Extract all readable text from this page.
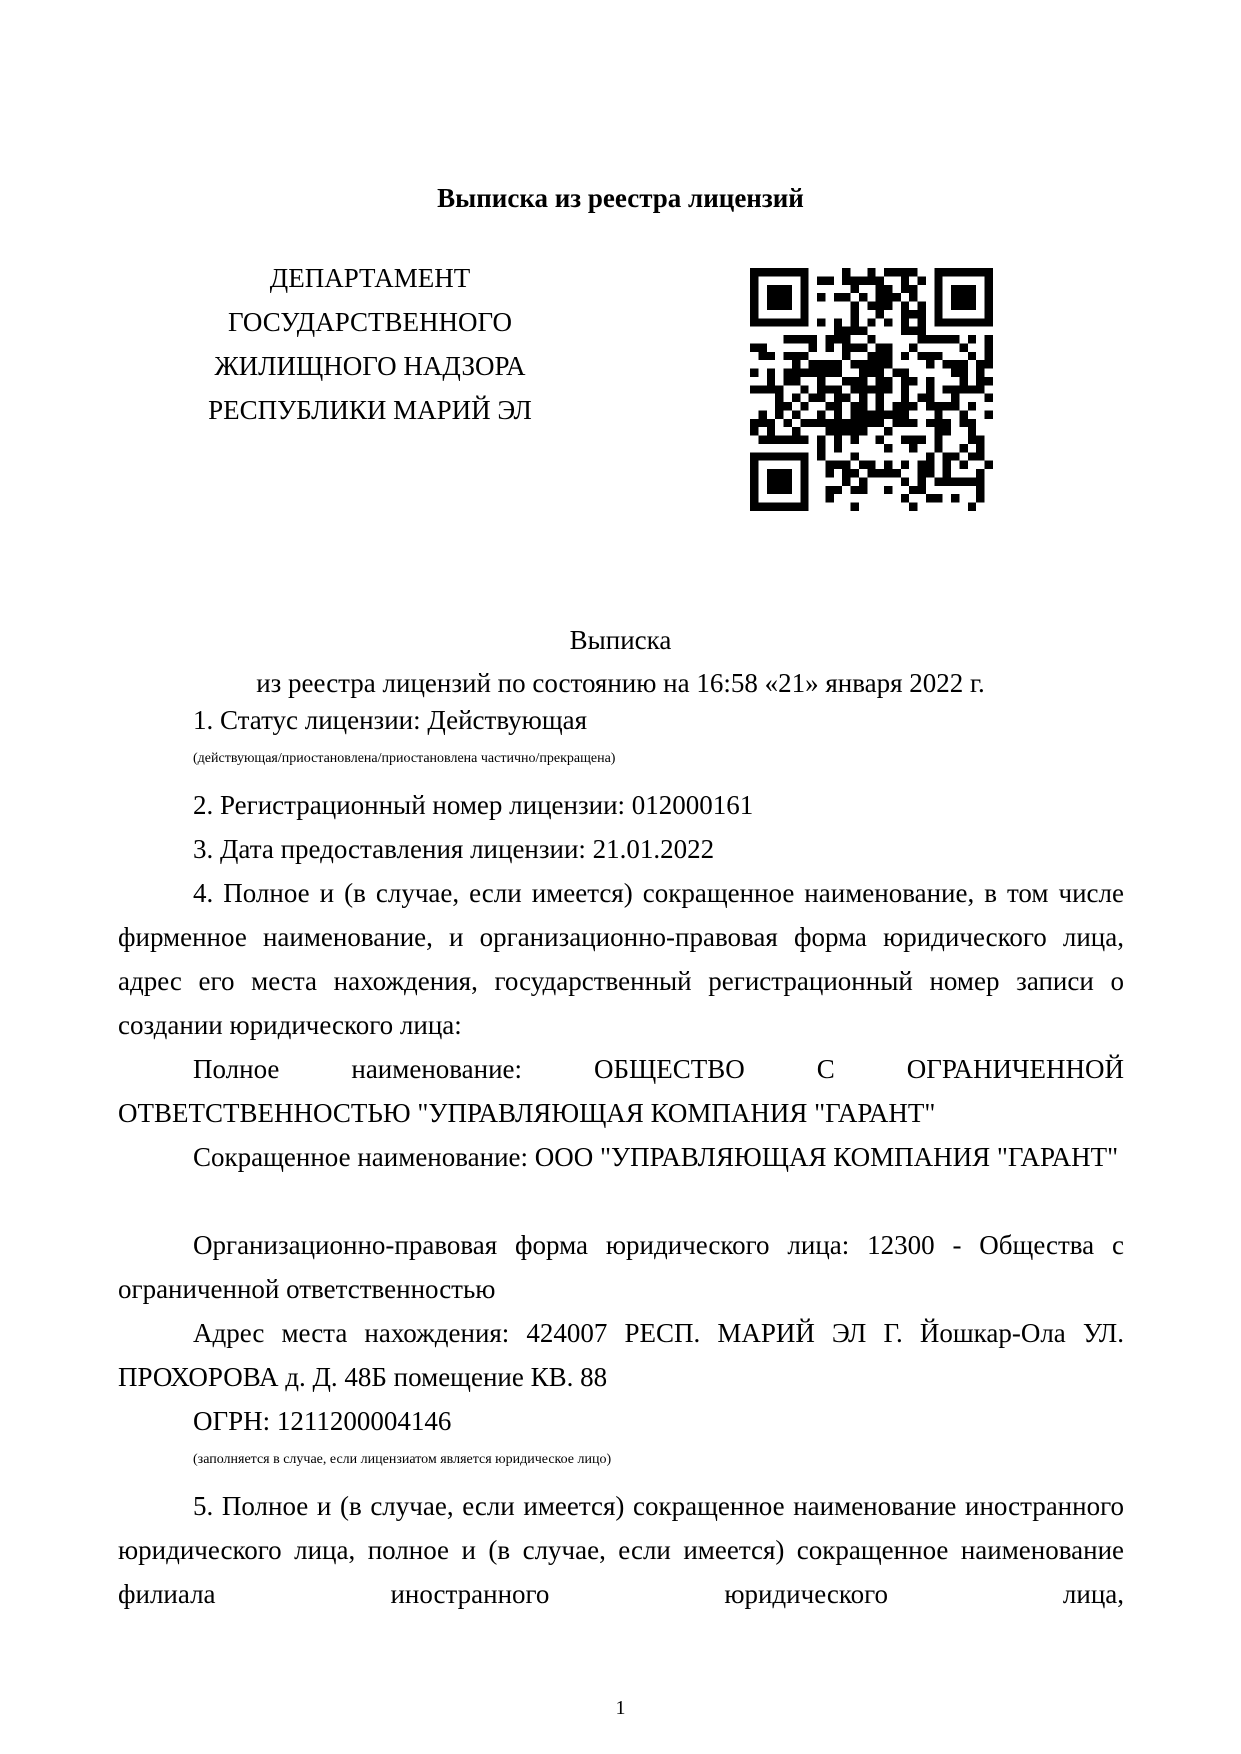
Выписка из реестра лицензий
ДЕПАРТАМЕНТ
ГОСУДАРСТВЕННОГО
ЖИЛИЩНОГО НАДЗОРА
РЕСПУБЛИКИ МАРИЙ ЭЛ
Выписка
из реестра лицензий по состоянию на 16:58 «21» января 2022 г.
1. Статус лицензии: Действующая
(действующая/приостановлена/приостановлена частично/прекращена)
2. Регистрационный номер лицензии: 012000161
3. Дата предоставления лицензии: 21.01.2022
4. Полное и (в случае, если имеется) сокращенное наименование, в том числе фирменное наименование, и организационно-правовая форма юридического лица, адрес его места нахождения, государственный регистрационный номер записи о создании юридического лица:
Полное наименование: ОБЩЕСТВО С ОГРАНИЧЕННОЙ ОТВЕТСТВЕННОСТЬЮ "УПРАВЛЯЮЩАЯ КОМПАНИЯ "ГАРАНТ"
Сокращенное наименование: ООО "УПРАВЛЯЮЩАЯ КОМПАНИЯ "ГАРАНТ"
Организационно-правовая форма юридического лица: 12300 - Общества с ограниченной ответственностью
Адрес места нахождения: 424007 РЕСП. МАРИЙ ЭЛ Г. Йошкар-Ола УЛ. ПРОХОРОВА д. Д. 48Б помещение КВ. 88
ОГРН: 1211200004146
(заполняется в случае, если лицензиатом является юридическое лицо)
5. Полное и (в случае, если имеется) сокращенное наименование иностранного юридического лица, полное и (в случае, если имеется) сокращенное наименование филиала иностранного юридического лица,
1
